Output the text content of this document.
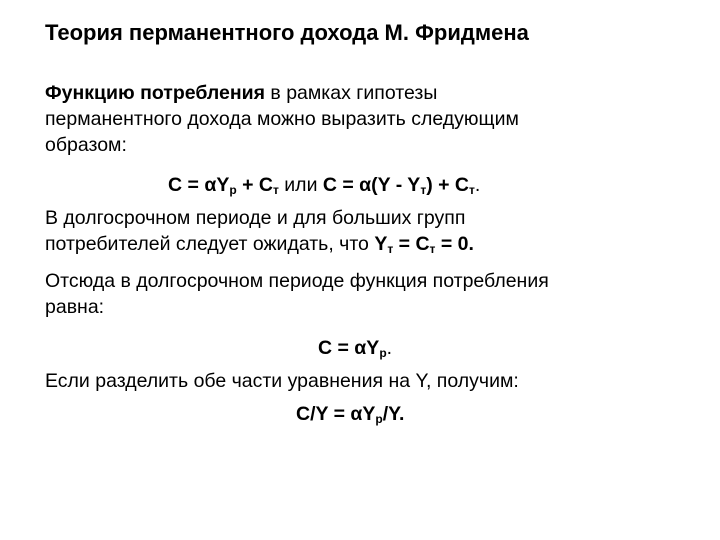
Теория перманентного дохода М. Фридмена
Функцию потребления в рамках гипотезы
перманентного дохода можно выразить следующим
образом:
$C = \alpha Y_p + C_т$ или $C = \alpha(Y - Y_т) + C_т$.
В долгосрочном периоде и для больших групп
потребителей следует ожидать, что $Y_т = C_т = 0$.
Отсюда в долгосрочном периоде функция потребления
равна:
$C = \alpha Y_p$.
Если разделить обе части уравнения на Y, получим:
$C/Y = \alpha Y_p/Y$.
